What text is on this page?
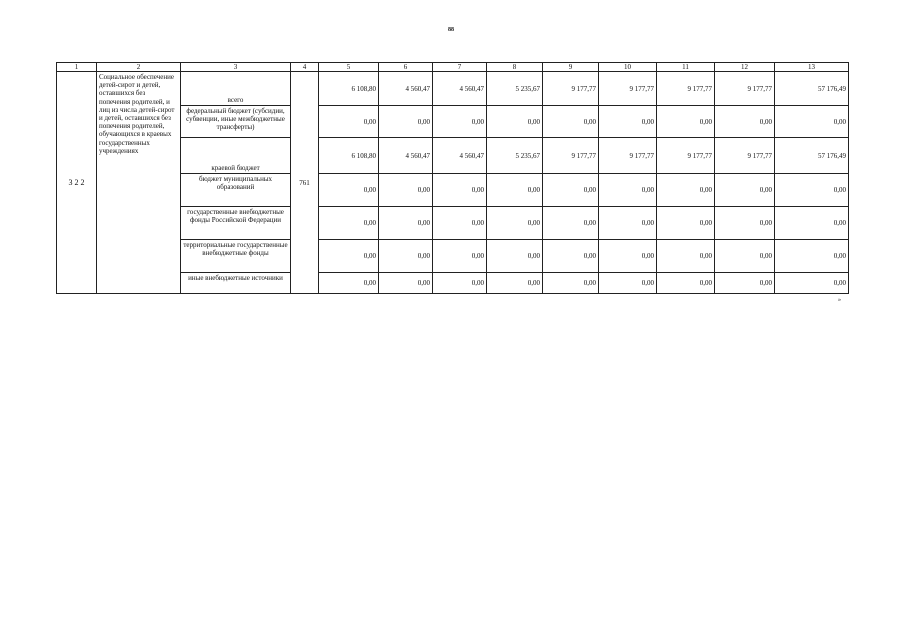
88
1	2	3	4	5	6	7	8	9	10	11	12	13
3 2 2	Социальное обеспечение детей-сирот и детей, оставшихся без попечения родителей, и лиц из числа детей-сирот и детей, оставшихся без попечения родителей, обучающихся в краевых государственных учреждениях	всего	761	6 108,80	4 560,47	4 560,47	5 235,67	9 177,77	9 177,77	9 177,77	9 177,77	57 176,49
		федеральный бюджет (субсидии, субвенции, иные межбюджетные трансферты)		0,00	0,00	0,00	0,00	0,00	0,00	0,00	0,00	0,00
		краевой бюджет		6 108,80	4 560,47	4 560,47	5 235,67	9 177,77	9 177,77	9 177,77	9 177,77	57 176,49
		бюджет муниципальных образований		0,00	0,00	0,00	0,00	0,00	0,00	0,00	0,00	0,00
		государственные внебюджетные фонды Российской Федерации		0,00	0,00	0,00	0,00	0,00	0,00	0,00	0,00	0,00
		территориальные государственные внебюджетные фонды		0,00	0,00	0,00	0,00	0,00	0,00	0,00	0,00	0,00
		иные внебюджетные источники		0,00	0,00	0,00	0,00	0,00	0,00	0,00	0,00	0,00
»
